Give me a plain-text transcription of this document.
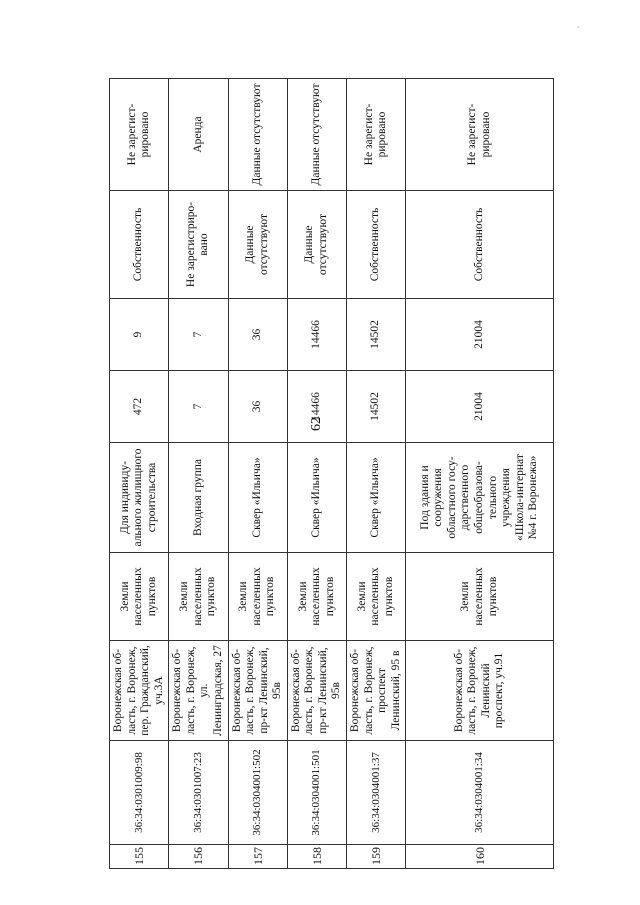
'
62
155	36:34:0301009:98	Воронежская об-ласть, г. Воронеж, пер. Гражданский, уч.3А	Земли населенных пунктов	Для индивиду-ального жилищного строительства	472	9	Собственность	Не зарегист-рировано
156	36:34:0301007:23	Воронежская об-ласть, г. Воронеж, ул. Ленинградская, 27	Земли населенных пунктов	Входная группа	7	7	Не зарегистриро-вано	Аренда
157	36:34:0304001:502	Воронежская об-ласть, г. Воронеж, пр-кт Ленинский, 95в	Земли населенных пунктов	Сквер «Ильича»	36	36	Данные отсутствуют	Данные отсутствуют
158	36:34:0304001:501	Воронежская об-ласть, г. Воронеж, пр-кт Ленинский, 95в	Земли населенных пунктов	Сквер «Ильича»	14466	14466	Данные отсутствуют	Данные отсутствуют
159	36:34:0304001:37	Воронежская об-ласть, г. Воронеж, проспект Ленинский, 95 в	Земли населенных пунктов	Сквер «Ильича»	14502	14502	Собственность	Не зарегист-рировано
160	36:34:0304001:34	Воронежская об-ласть, г. Воронеж, Ленинский проспект, уч.91	Земли населенных пунктов	Под здания и сооружения областного госу-дарственного общеобразова-тельного учреждения «Школа-интернат №4 г. Воронежа»	21004	21004	Собственность	Не зарегист-рировано
